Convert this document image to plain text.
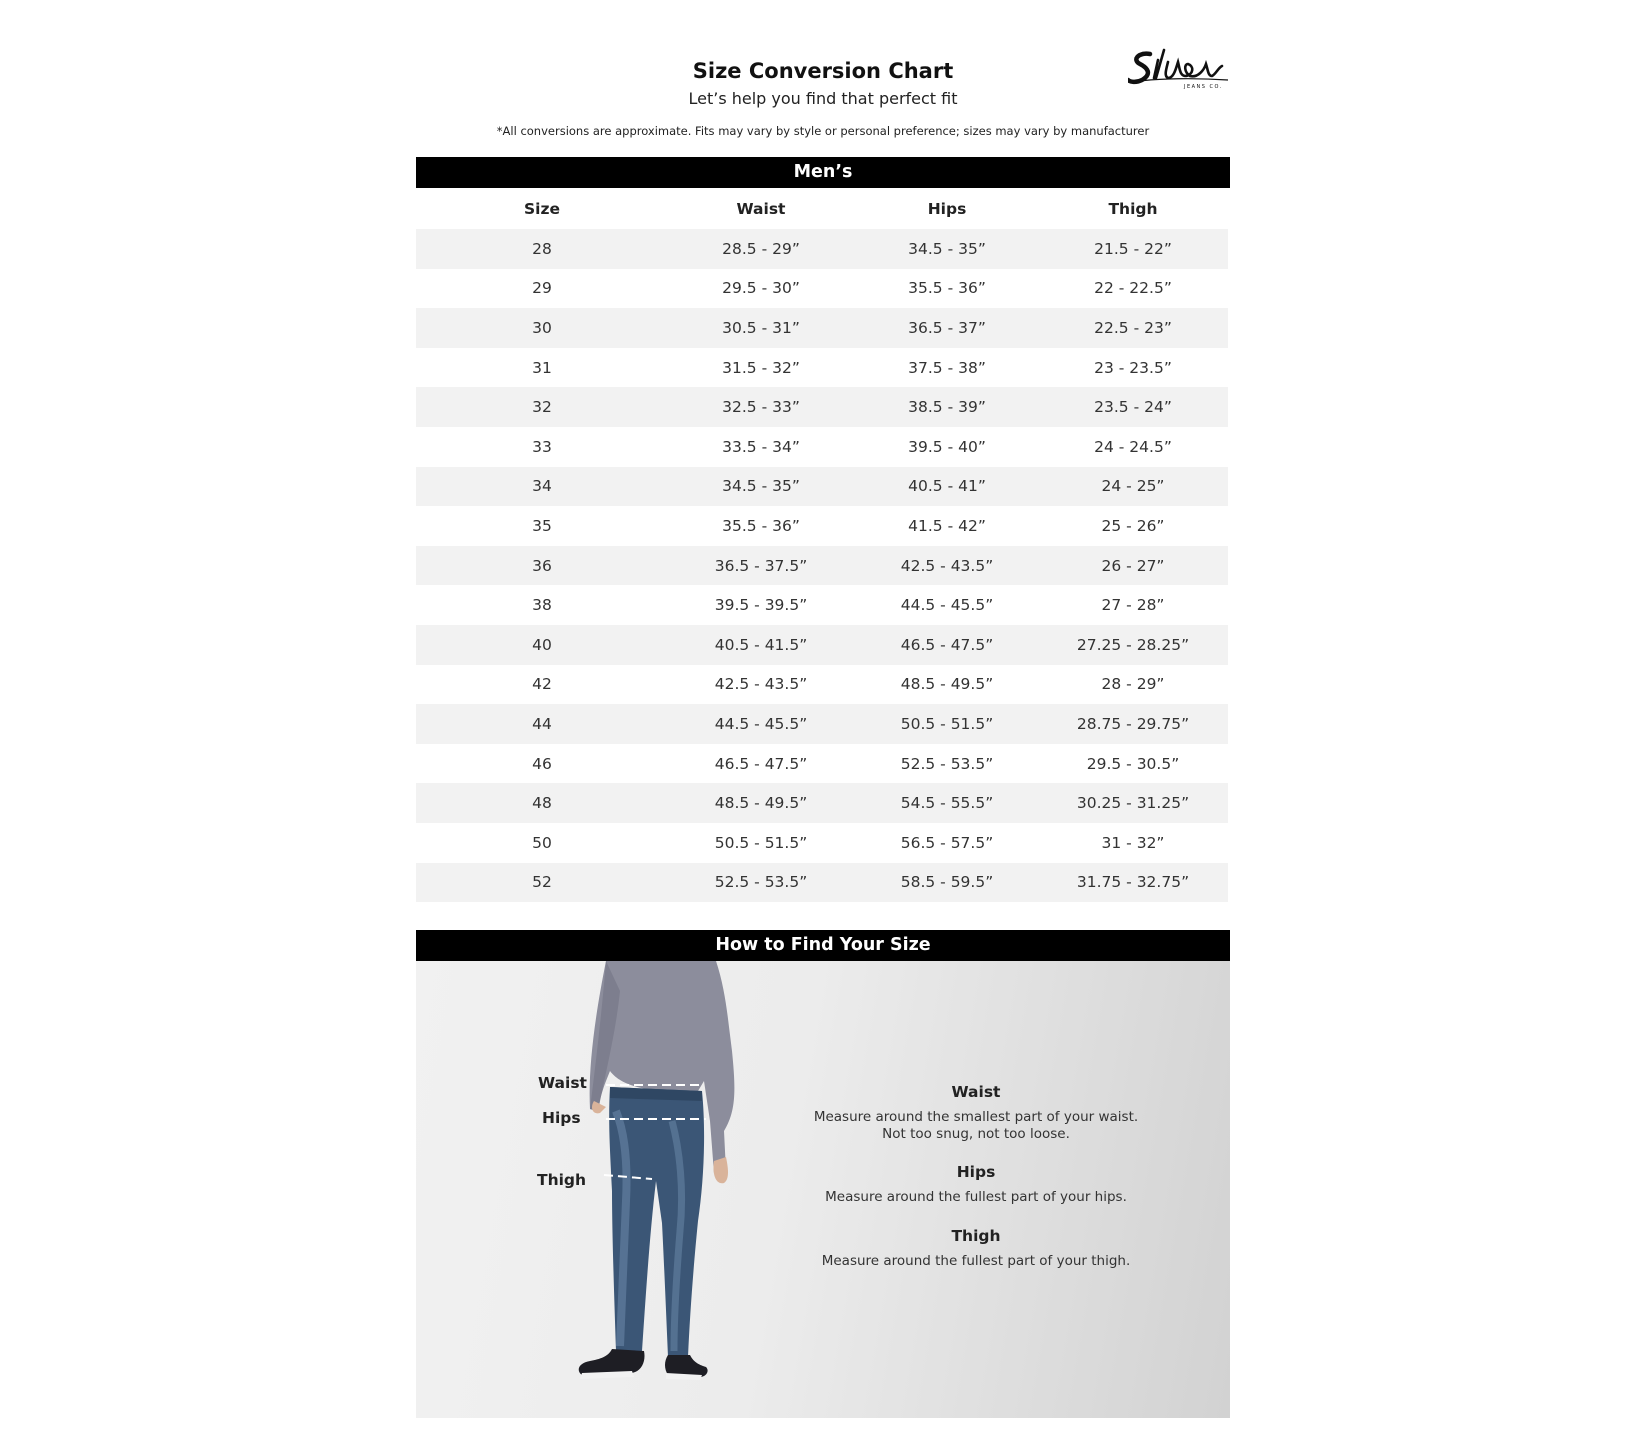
JEANS CO.
Size Conversion Chart
Let’s help you find that perfect fit
*All conversions are approximate. Fits may vary by style or personal preference; sizes may vary by manufacturer
Men’s
Size	Waist	Hips	Thigh
28	28.5 - 29”	34.5 - 35”	21.5 - 22”
29	29.5 - 30”	35.5 - 36”	22 - 22.5”
30	30.5 - 31”	36.5 - 37”	22.5 - 23”
31	31.5 - 32”	37.5 - 38”	23 - 23.5”
32	32.5 - 33”	38.5 - 39”	23.5 - 24”
33	33.5 - 34”	39.5 - 40”	24 - 24.5”
34	34.5 - 35”	40.5 - 41”	24 - 25”
35	35.5 - 36”	41.5 - 42”	25 - 26”
36	36.5 - 37.5”	42.5 - 43.5”	26 - 27”
38	39.5 - 39.5”	44.5 - 45.5”	27 - 28”
40	40.5 - 41.5”	46.5 - 47.5”	27.25 - 28.25”
42	42.5 - 43.5”	48.5 - 49.5”	28 - 29”
44	44.5 - 45.5”	50.5 - 51.5”	28.75 - 29.75”
46	46.5 - 47.5”	52.5 - 53.5”	29.5 - 30.5”
48	48.5 - 49.5”	54.5 - 55.5”	30.25 - 31.25”
50	50.5 - 51.5”	56.5 - 57.5”	31 - 32”
52	52.5 - 53.5”	58.5 - 59.5”	31.75 - 32.75”
How to Find Your Size
Waist
Hips
Thigh
Waist
Measure around the smallest part of your waist.
Not too snug, not too loose.
Hips
Measure around the fullest part of your hips.
Thigh
Measure around the fullest part of your thigh.
